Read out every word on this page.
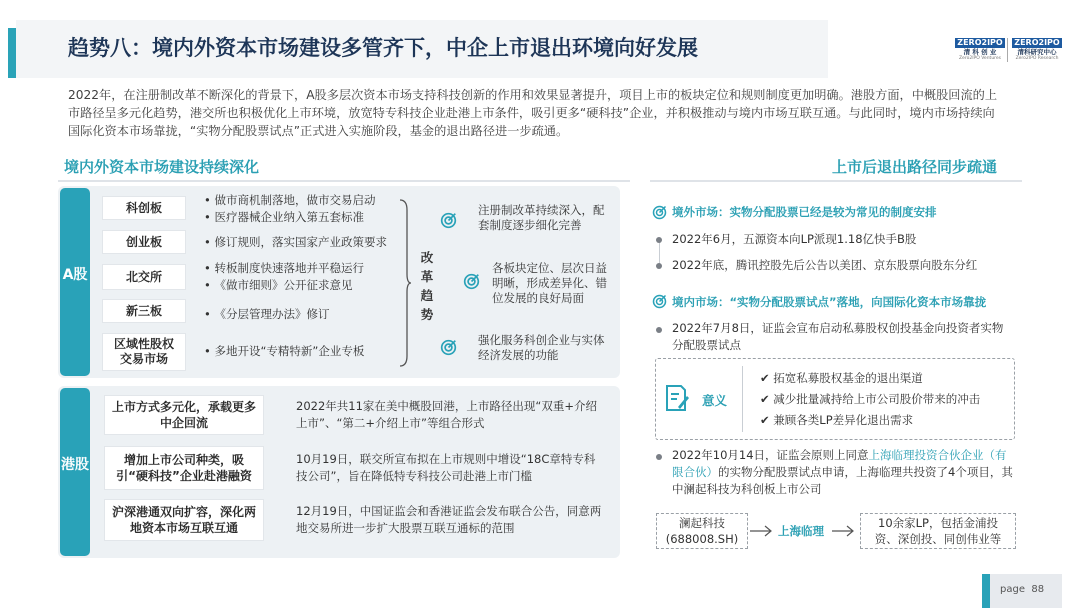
趋势八：境内外资本市场建设多管齐下，中企上市退出环境向好发展	ZERO2IPO
清 科 创 业
Zero2IPO Ventures
ZERO2IPO
清科研究中心
Zero2IPO Research
2022年，在注册制改革不断深化的背景下，A股多层次资本市场支持科技创新的作用和效果显著提升，项目上市的板块定位和规则制度更加明确。港股方面，中概股回流的上市路径呈多元化趋势，港交所也积极优化上市环境，放宽特专科技企业赴港上市条件，吸引更多“硬科技”企业，并积极推动与境内市场互联互通。与此同时，境内市场持续向国际化资本市场靠拢，“实物分配股票试点”正式进入实施阶段，基金的退出路径进一步疏通。
境内外资本市场建设持续深化
A股
科创板
创业板
北交所
新三板
区域性股权交易市场
• 做市商机制落地，做市交易启动
• 医疗器械企业纳入第五套标准
• 修订规则，落实国家产业政策要求
• 转板制度快速落地并平稳运行
• 《做市细则》公开征求意见
• 《分层管理办法》修订
• 多地开设“专精特新”企业专板
改革趋势
注册制改革持续深入，配套制度逐步细化完善
各板块定位、层次日益明晰，形成差异化、错位发展的良好局面
强化服务科创企业与实体经济发展的功能
港股
上市方式多元化，承载更多中企回流
增加上市公司种类，吸引“硬科技”企业赴港融资
沪深港通双向扩容，深化两地资本市场互联互通
2022年共11家在美中概股回港，上市路径出现“双重+介绍上市”、“第二+介绍上市”等组合形式
10月19日，联交所宣布拟在上市规则中增设“18C章特专科技公司”，旨在降低特专科技公司赴港上市门槛
12月19日，中国证监会和香港证监会发布联合公告，同意两地交易所进一步扩大股票互联互通标的范围
上市后退出路径同步疏通
境外市场：实物分配股票已经是较为常见的制度安排
2022年6月，五源资本向LP派现1.18亿快手B股
2022年底，腾讯控股先后公告以美团、京东股票向股东分红
境内市场：“实物分配股票试点”落地，向国际化资本市场靠拢
2022年7月8日，证监会宣布启动私募股权创投基金向投资者实物分配股票试点
意义
✔ 拓宽私募股权基金的退出渠道
✔ 减少批量减持给上市公司股价带来的冲击
✔ 兼顾各类LP差异化退出需求
2022年10月14日，证监会原则上同意上海临理投资合伙企业（有限合伙）的实物分配股票试点申请，上海临理共投资了4个项目，其中澜起科技为科创板上市公司
澜起科技 (688008.SH)
上海临理
10余家LP，包括金浦投资、深创投、同创伟业等
page 88
